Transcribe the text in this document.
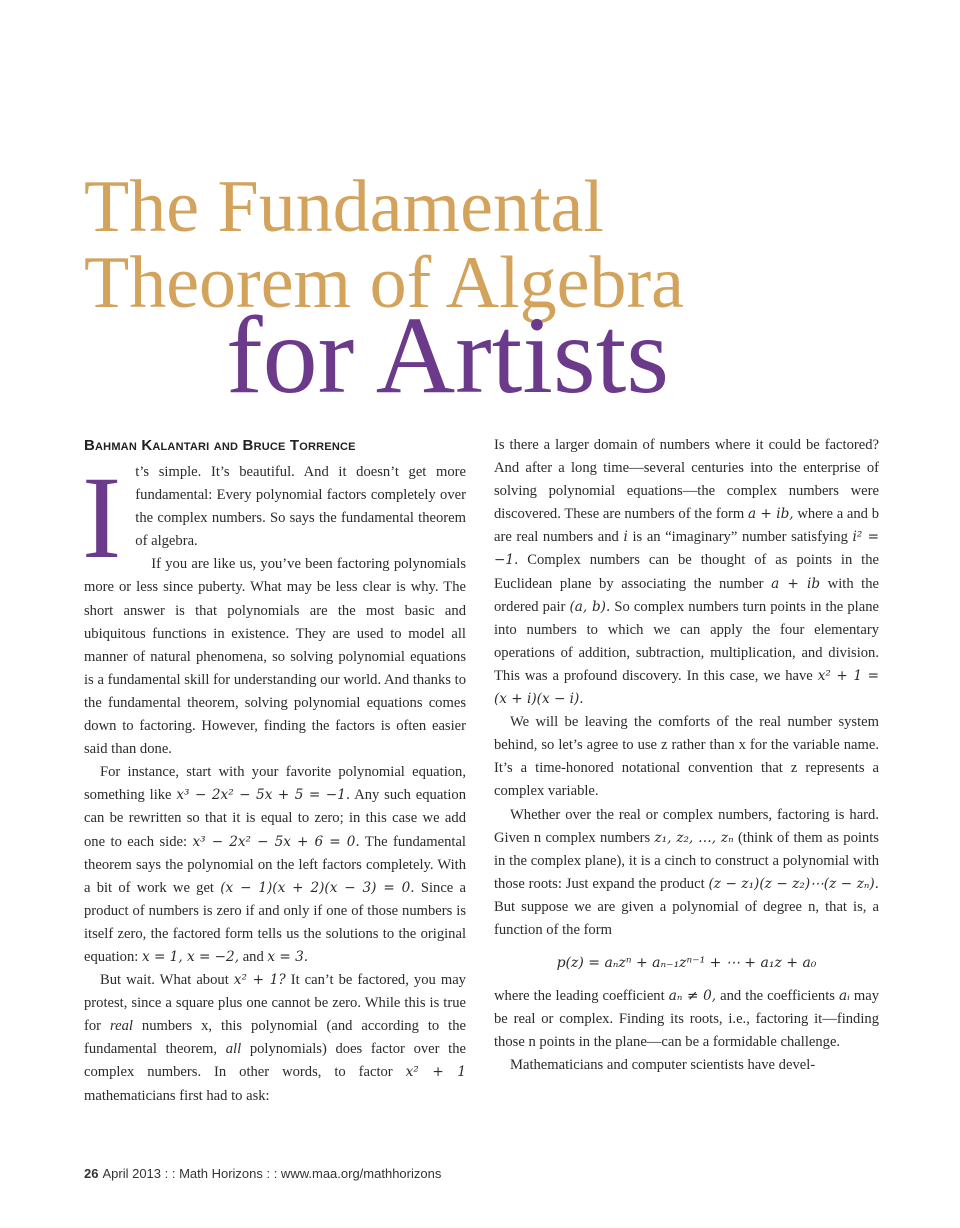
The Fundamental
Theorem of Algebra
for Artists
Bahman Kalantari and Bruce Torrence

It’s simple. It’s beautiful. And it doesn’t get more fundamental: Every polynomial factors completely over the complex numbers. So says the fundamental theorem of algebra.

If you are like us, you’ve been factoring polynomials more or less since puberty. What may be less clear is why. The short answer is that polynomials are the most basic and ubiquitous functions in existence. They are used to model all manner of natural phenomena, so solving polynomial equations is a fundamental skill for understanding our world. And thanks to the fundamental theorem, solving polynomial equations comes down to factoring. However, finding the factors is often easier said than done.

For instance, start with your favorite polynomial equation, something like x³ − 2x² − 5x + 5 = −1. Any such equation can be rewritten so that it is equal to zero; in this case we add one to each side: x³ − 2x² − 5x + 6 = 0. The fundamental theorem says the polynomial on the left factors completely. With a bit of work we get (x − 1)(x + 2)(x − 3) = 0. Since a product of numbers is zero if and only if one of those numbers is itself zero, the factored form tells us the solutions to the original equation: x = 1, x = −2, and x = 3.

But wait. What about x² + 1? It can’t be factored, you may protest, since a square plus one cannot be zero. While this is true for real numbers x, this polynomial (and according to the fundamental theorem, all polynomials) does factor over the complex numbers. In other words, to factor x² + 1 mathematicians first had to ask:

Is there a larger domain of numbers where it could be factored? And after a long time—several centuries into the enterprise of solving polynomial equations—the complex numbers were discovered. These are numbers of the form a + ib, where a and b are real numbers and i is an “imaginary” number satisfying i² = −1. Complex numbers can be thought of as points in the Euclidean plane by associating the number a + ib with the ordered pair (a, b). So complex numbers turn points in the plane into numbers to which we can apply the four elementary operations of addition, subtraction, multiplication, and division. This was a profound discovery. In this case, we have x² + 1 = (x + i)(x − i).

We will be leaving the comforts of the real number system behind, so let’s agree to use z rather than x for the variable name. It’s a time-honored notational convention that z represents a complex variable.

Whether over the real or complex numbers, factoring is hard. Given n complex numbers z₁, z₂, …, zₙ (think of them as points in the complex plane), it is a cinch to construct a polynomial with those roots: Just expand the product (z − z₁)(z − z₂)⋯(z − zₙ). But suppose we are given a polynomial of degree n, that is, a function of the form

p(z) = aₙzⁿ + aₙ₋₁zⁿ⁻¹ + ⋯ + a₁z + a₀

where the leading coefficient aₙ ≠ 0, and the coefficients aᵢ may be real or complex. Finding its roots, i.e., factoring it—finding those n points in the plane—can be a formidable challenge.

Mathematicians and computer scientists have devel-

26 April 2013 : : Math Horizons : : www.maa.org/mathhorizons
